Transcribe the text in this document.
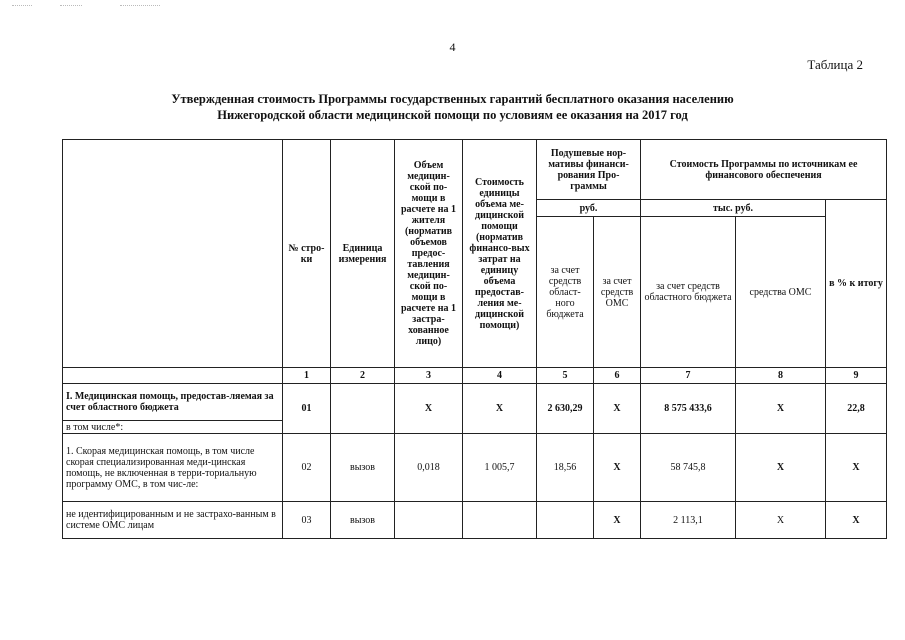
4
Таблица 2
Утвержденная стоимость Программы государственных гарантий бесплатного оказания населению
Нижегородской области медицинской помощи по условиям ее оказания на 2017 год
	№ стро-ки	Единица измерения	Объем медицин-ской по-мощи в расчете на 1 жителя (норматив объемов предос-тавления медицин-ской по-мощи в расчете на 1 застра-хованное лицо)	Стоимость единицы объема ме-дицинской помощи (норматив финансо-вых затрат на единицу объема предостав-ления ме-дицинской помощи)	Подушевые нор-мативы финанси-рования Про-граммы		Стоимость Программы по источникам ее финансового обеспечения		
					руб.		тыс. руб.		в % к итогу
					за счет средств област-ного бюджета	за счет средств ОМС	за счет средств областного бюджета	средства ОМС	
	1	2	3	4	5	6	7	8	9
I. Медицинская помощь, предостав-ляемая за счет областного бюджета	01		X	X	2 630,29	X	8 575 433,6	X	22,8
в том числе*:									
1. Скорая медицинская помощь, в том числе скорая специализированная меди-цинская помощь, не включенная в терри-ториальную программу ОМС, в том чис-ле:	02	вызов	0,018	1 005,7	18,56	X	58 745,8	X	X
не идентифицированным и не застрахо-ванным в системе ОМС лицам	03	вызов				X	2 113,1	X	X
